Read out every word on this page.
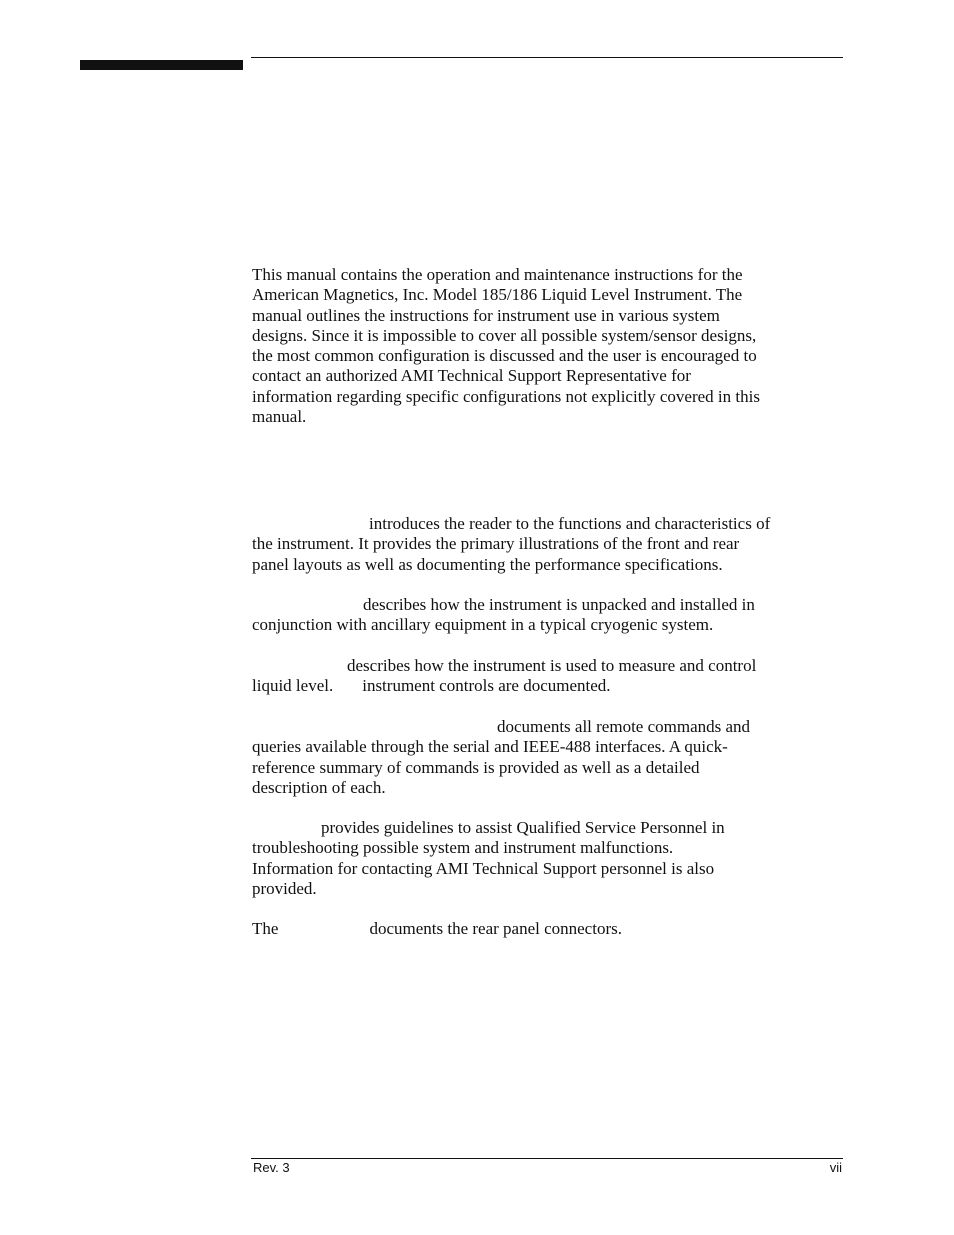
This manual contains the operation and maintenance instructions for the
American Magnetics, Inc. Model 185/186 Liquid Level Instrument. The
manual outlines the instructions for instrument use in various system
designs. Since it is impossible to cover all possible system/sensor designs,
the most common configuration is discussed and the user is encouraged to
contact an authorized AMI Technical Support Representative for
information regarding specific configurations not explicitly covered in this
manual.
introduces the reader to the functions and characteristics of
the instrument. It provides the primary illustrations of the front and rear
panel layouts as well as documenting the performance specifications.
describes how the instrument is unpacked and installed in
conjunction with ancillary equipment in a typical cryogenic system.
describes how the instrument is used to measure and control
liquid level. instrument controls are documented.
documents all remote commands and
queries available through the serial and IEEE-488 interfaces. A quick-
reference summary of commands is provided as well as a detailed
description of each.
provides guidelines to assist Qualified Service Personnel in
troubleshooting possible system and instrument malfunctions.
Information for contacting AMI Technical Support personnel is also
provided.
The	documents the rear panel connectors.
Rev. 3	vii
